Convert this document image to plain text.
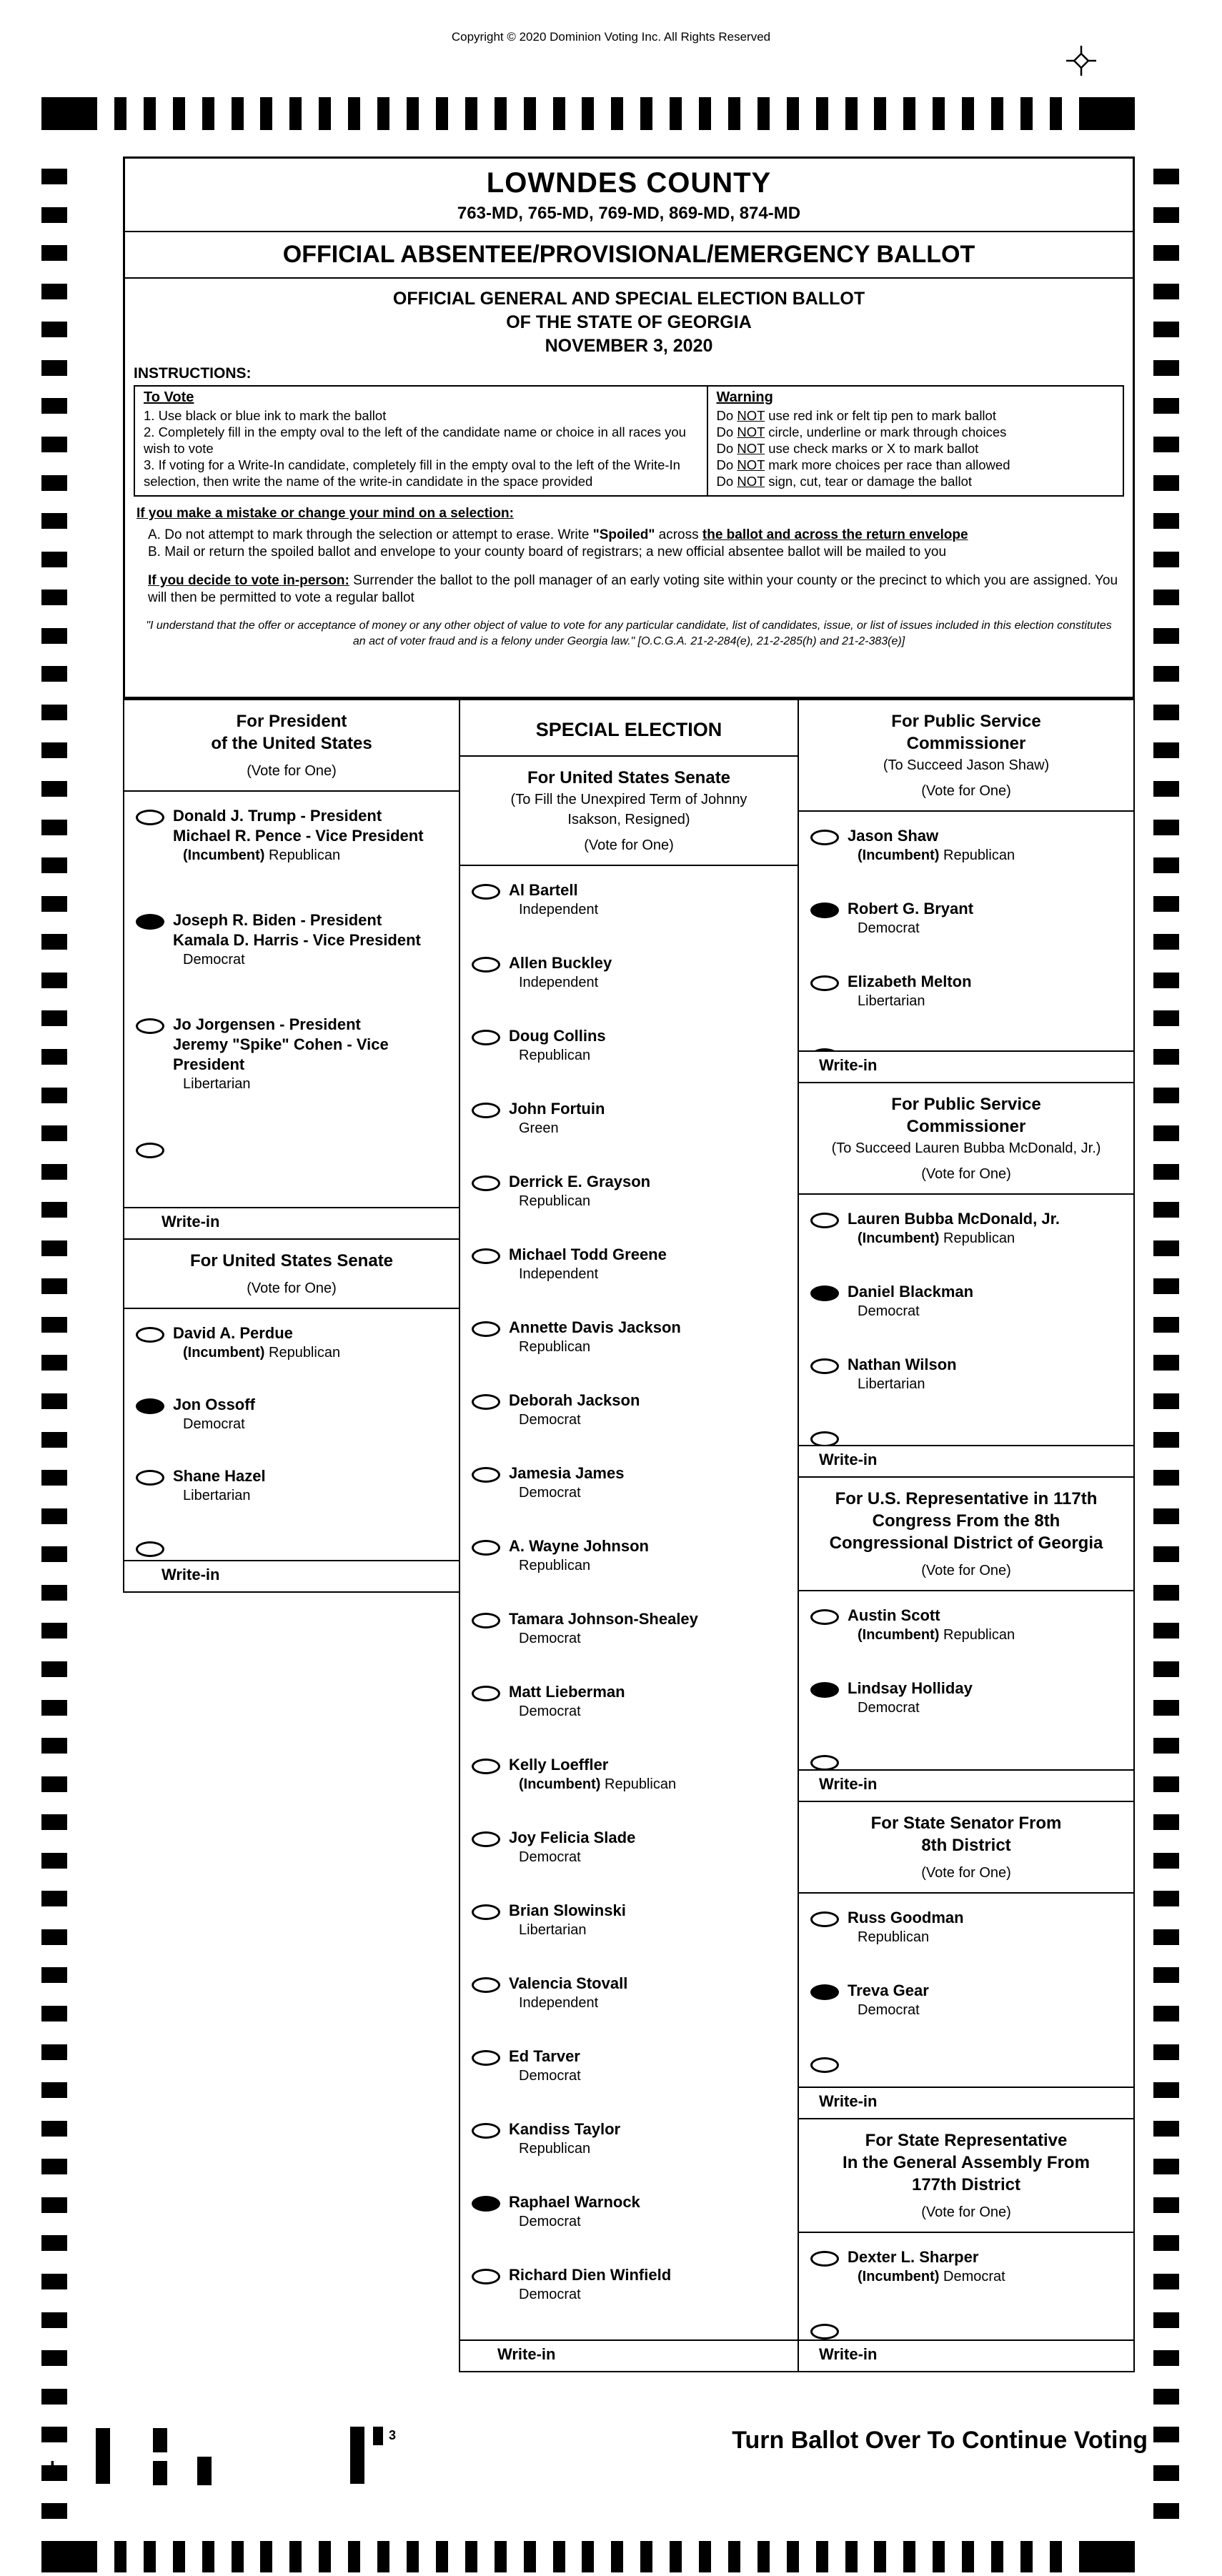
Copyright © 2020 Dominion Voting Inc. All Rights Reserved
LOWNDES COUNTY
763-MD, 765-MD, 769-MD, 869-MD, 874-MD
OFFICIAL ABSENTEE/PROVISIONAL/EMERGENCY BALLOT
OFFICIAL GENERAL AND SPECIAL ELECTION BALLOT
OF THE STATE OF GEORGIA
NOVEMBER 3, 2020
INSTRUCTIONS:
To Vote
1. Use black or blue ink to mark the ballot
2. Completely fill in the empty oval to the left of the candidate name or choice in all races you wish to vote
3. If voting for a Write-In candidate, completely fill in the empty oval to the left of the Write-In selection, then write the name of the write-in candidate in the space provided
Warning
Do NOT use red ink or felt tip pen to mark ballot
Do NOT circle, underline or mark through choices
Do NOT use check marks or X to mark ballot
Do NOT mark more choices per race than allowed
Do NOT sign, cut, tear or damage the ballot
If you make a mistake or change your mind on a selection:
A. Do not attempt to mark through the selection or attempt to erase. Write "Spoiled" across the ballot and across the return envelope
B. Mail or return the spoiled ballot and envelope to your county board of registrars; a new official absentee ballot will be mailed to you
If you decide to vote in-person: Surrender the ballot to the poll manager of an early voting site within your county or the precinct to which you are assigned. You will then be permitted to vote a regular ballot
"I understand that the offer or acceptance of money or any other object of value to vote for any particular candidate, list of candidates, issue, or list of issues included in this election constitutes an act of voter fraud and is a felony under Georgia law." [O.C.G.A. 21-2-284(e), 21-2-285(h) and 21-2-383(e)]
For President
of the United States
(Vote for One)
Donald J. Trump - President
Michael R. Pence - Vice President
(Incumbent) Republican
Joseph R. Biden - President
Kamala D. Harris - Vice President
Democrat
Jo Jorgensen - President
Jeremy "Spike" Cohen - Vice President
Libertarian
Write-in
For United States Senate
(Vote for One)
David A. Perdue
(Incumbent) Republican
Jon Ossoff
Democrat
Shane Hazel
Libertarian
Write-in
SPECIAL ELECTION
For United States Senate
(To Fill the Unexpired Term of Johnny
Isakson, Resigned)
(Vote for One)
Al Bartell
Independent
Allen Buckley
Independent
Doug Collins
Republican
John Fortuin
Green
Derrick E. Grayson
Republican
Michael Todd Greene
Independent
Annette Davis Jackson
Republican
Deborah Jackson
Democrat
Jamesia James
Democrat
A. Wayne Johnson
Republican
Tamara Johnson-Shealey
Democrat
Matt Lieberman
Democrat
Kelly Loeffler
(Incumbent) Republican
Joy Felicia Slade
Democrat
Brian Slowinski
Libertarian
Valencia Stovall
Independent
Ed Tarver
Democrat
Kandiss Taylor
Republican
Raphael Warnock
Democrat
Richard Dien Winfield
Democrat
Write-in
For Public Service
Commissioner
(To Succeed Jason Shaw)
(Vote for One)
Jason Shaw
(Incumbent) Republican
Robert G. Bryant
Democrat
Elizabeth Melton
Libertarian
Write-in
For Public Service
Commissioner
(To Succeed Lauren Bubba McDonald, Jr.)
(Vote for One)
Lauren Bubba McDonald, Jr.
(Incumbent) Republican
Daniel Blackman
Democrat
Nathan Wilson
Libertarian
Write-in
For U.S. Representative in 117th
Congress From the 8th
Congressional District of Georgia
(Vote for One)
Austin Scott
(Incumbent) Republican
Lindsay Holliday
Democrat
Write-in
For State Senator From
8th District
(Vote for One)
Russ Goodman
Republican
Treva Gear
Democrat
Write-in
For State Representative
In the General Assembly From
177th District
(Vote for One)
Dexter L. Sharper
(Incumbent) Democrat
Write-in
+
3	Turn Ballot Over To Continue Voting
